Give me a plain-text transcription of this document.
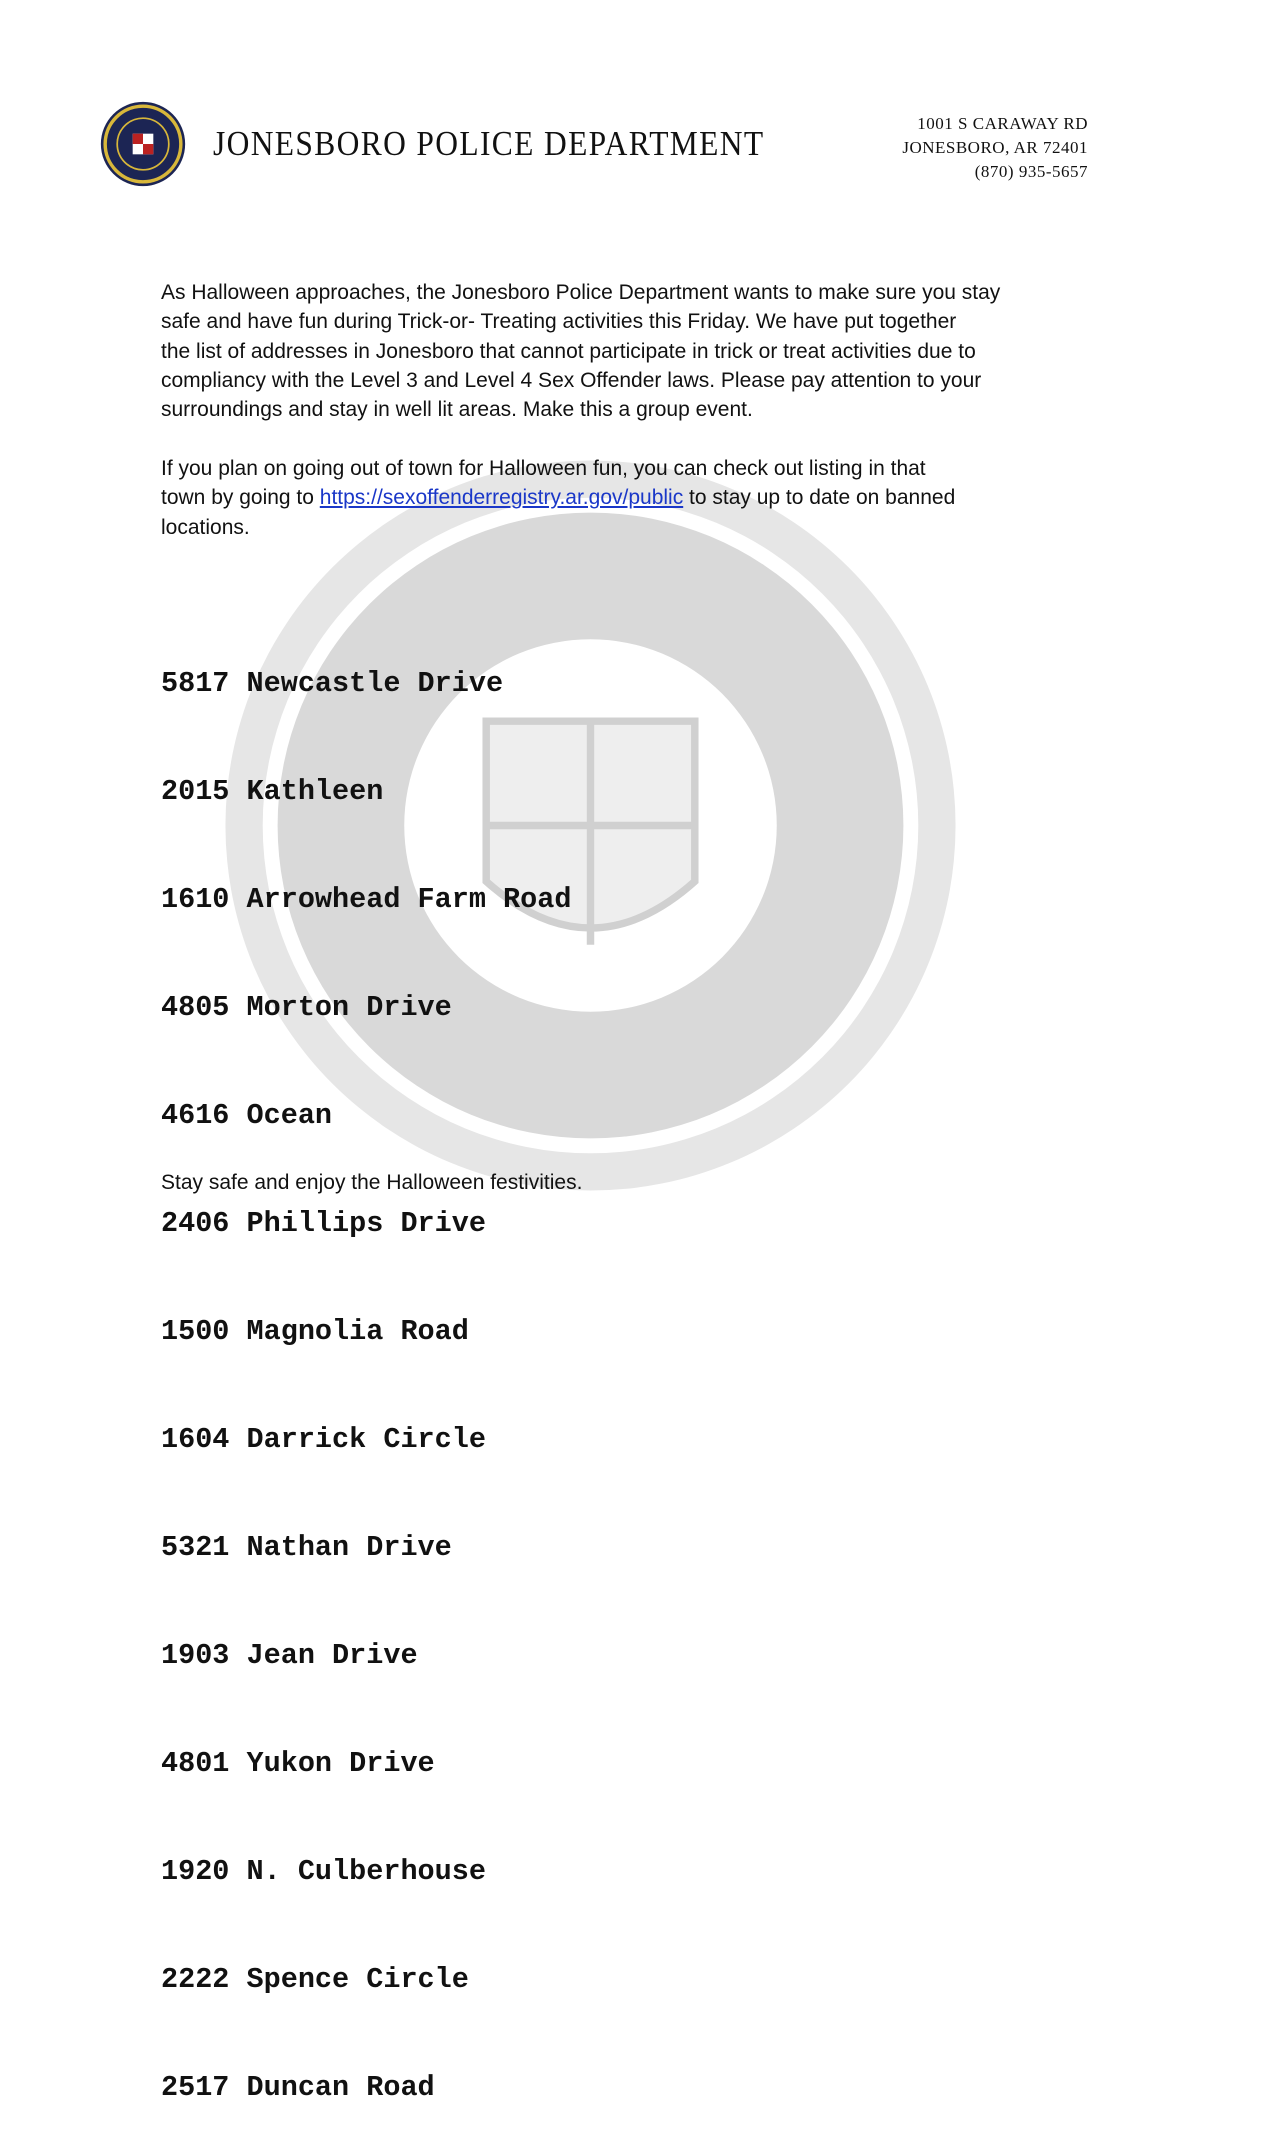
JONESBORO POLICE DEPARTMENT
1001 S CARAWAY RD
JONESBORO, AR 72401
(870) 935-5657
As Halloween approaches, the Jonesboro Police Department wants to make sure you stay
safe and have fun during Trick-or- Treating activities this Friday. We have put together
the list of addresses in Jonesboro that cannot participate in trick or treat activities due to
compliancy with the Level 3 and Level 4 Sex Offender laws. Please pay attention to your
surroundings and stay in well lit areas. Make this a group event.
If you plan on going out of town for Halloween fun, you can check out listing in that
town by going to https://sexoffenderregistry.ar.gov/public to stay up to date on banned
locations.

5817 Newcastle Drive

2015 Kathleen

1610 Arrowhead Farm Road

4805 Morton Drive

4616 Ocean

2406 Phillips Drive

1500 Magnolia Road

1604 Darrick Circle

5321 Nathan Drive

1903 Jean Drive

4801 Yukon Drive

1920 N. Culberhouse

2222 Spence Circle

2517 Duncan Road

Stay safe and enjoy the Halloween festivities.
